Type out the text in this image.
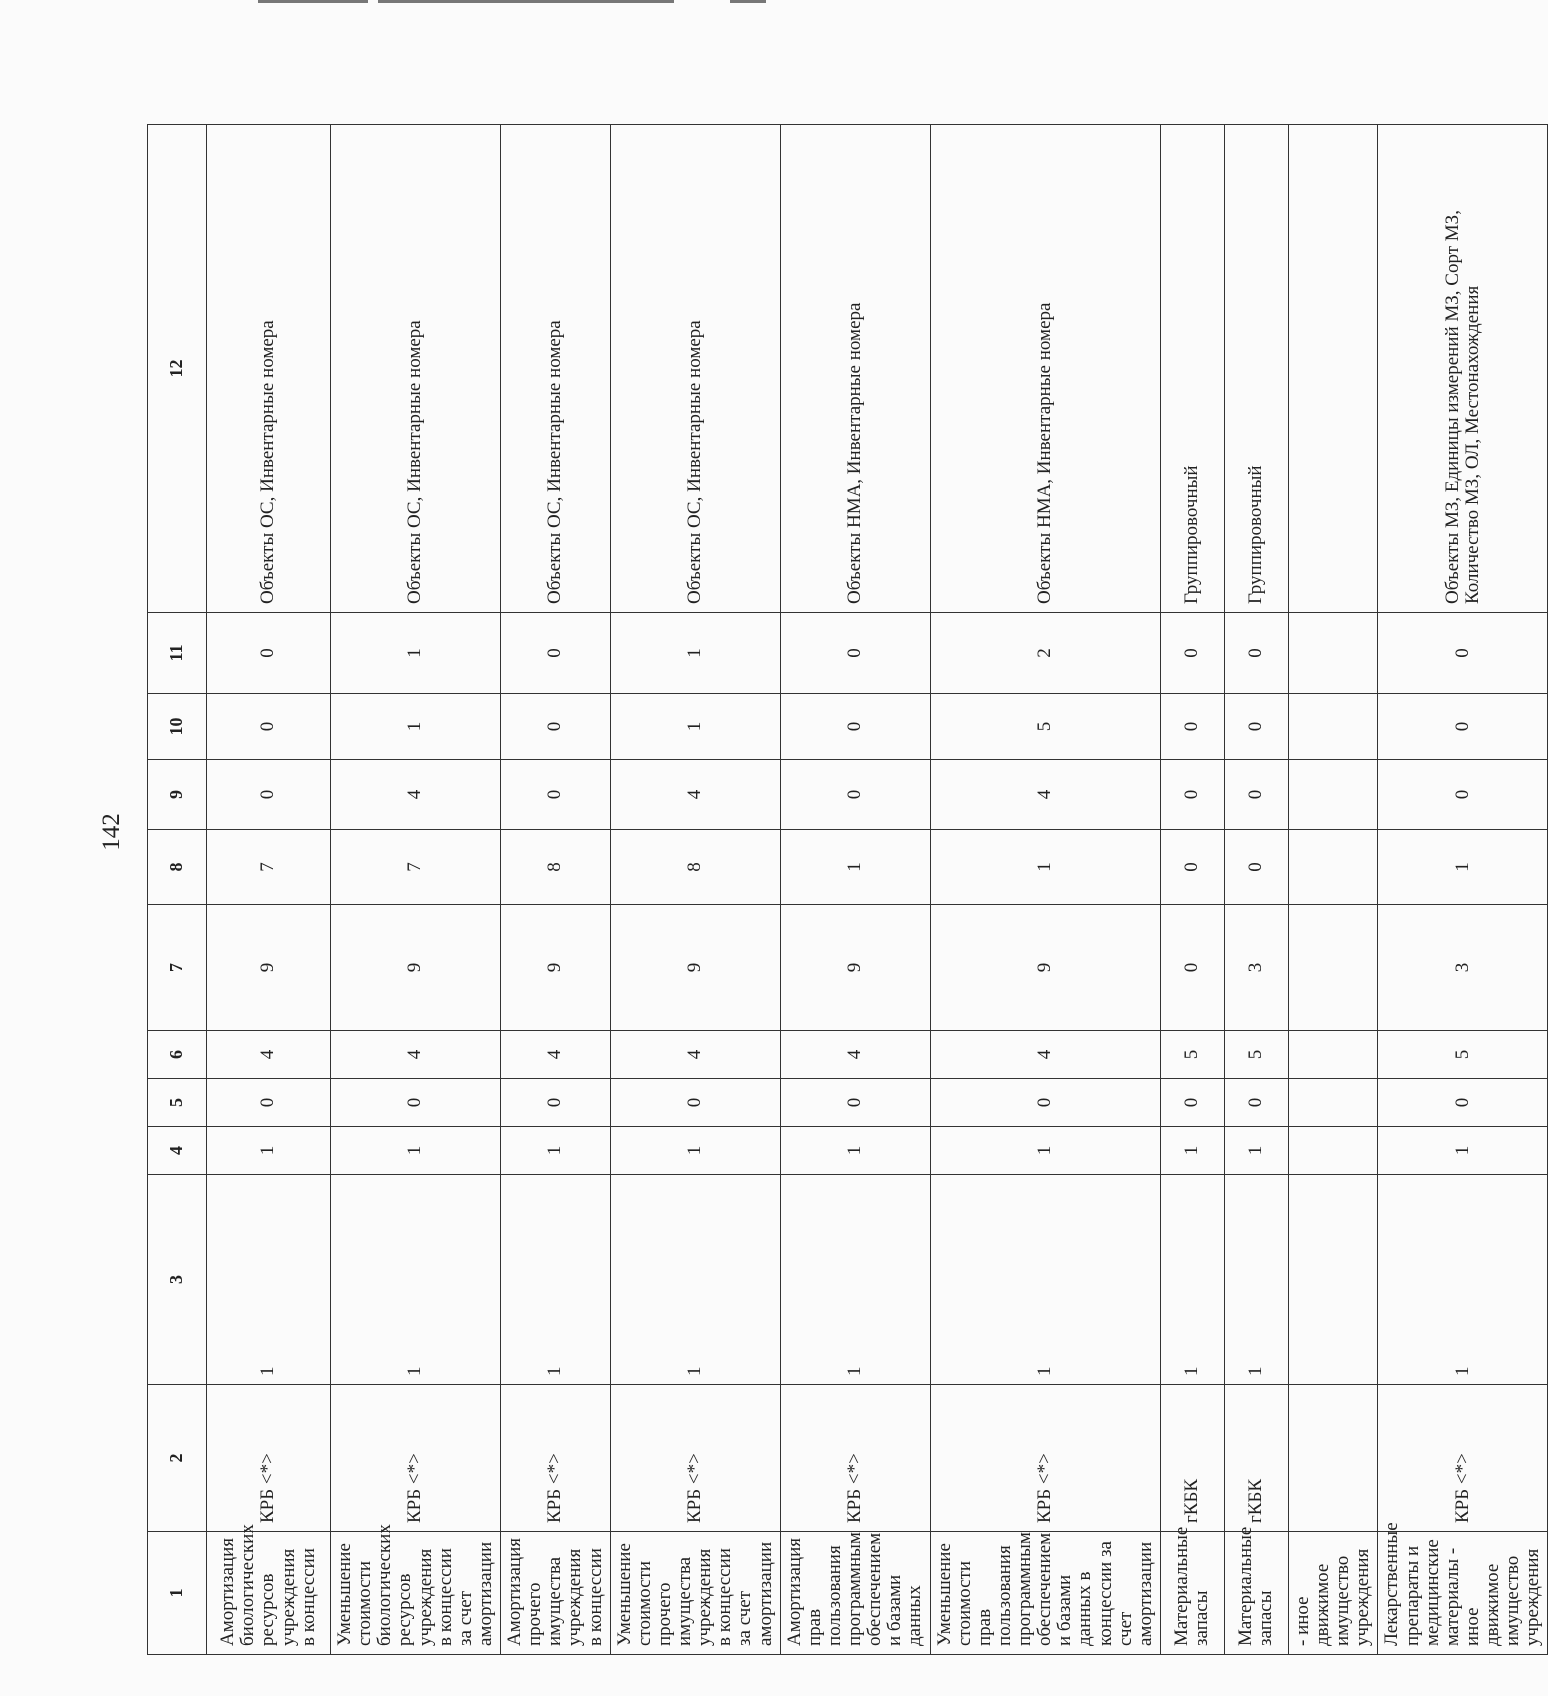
142
1	2	3	4	5	6	7	8	9	10	11	12
Амортизация биологических ресурсов учреждения в концессии	КРБ <*>	1	1	0	4	9	7	0	0	0	Объекты ОС, Инвентарные номера
Уменьшение стоимости биологических ресурсов учреждения в концессии за счет амортизации	КРБ <*>	1	1	0	4	9	7	4	1	1	Объекты ОС, Инвентарные номера
Амортизация прочего имущества учреждения в концессии	КРБ <*>	1	1	0	4	9	8	0	0	0	Объекты ОС, Инвентарные номера
Уменьшение стоимости прочего имущества учреждения в концессии за счет амортизации	КРБ <*>	1	1	0	4	9	8	4	1	1	Объекты ОС, Инвентарные номера
Амортизация прав пользования программным обеспечением и базами данных	КРБ <*>	1	1	0	4	9	1	0	0	0	Объекты НМА, Инвентарные номера
Уменьшение стоимости прав пользования программным обеспечением и базами данных в концессии за счет амортизации	КРБ <*>	1	1	0	4	9	1	4	5	2	Объекты НМА, Инвентарные номера
Материальные запасы	гКБК	1	1	0	5	0	0	0	0	0	Группировочный
Материальные запасы	гКБК	1	1	0	5	3	0	0	0	0	Группировочный
- иное движимое имущество учреждения											
Лекарственные препараты и медицинские материалы - иное движимое имущество учреждения	КРБ <*>	1	1	0	5	3	1	0	0	0	Объекты МЗ, Единицы измерений МЗ, Сорт МЗ, Количество МЗ, ОЛ, Местонахождения
